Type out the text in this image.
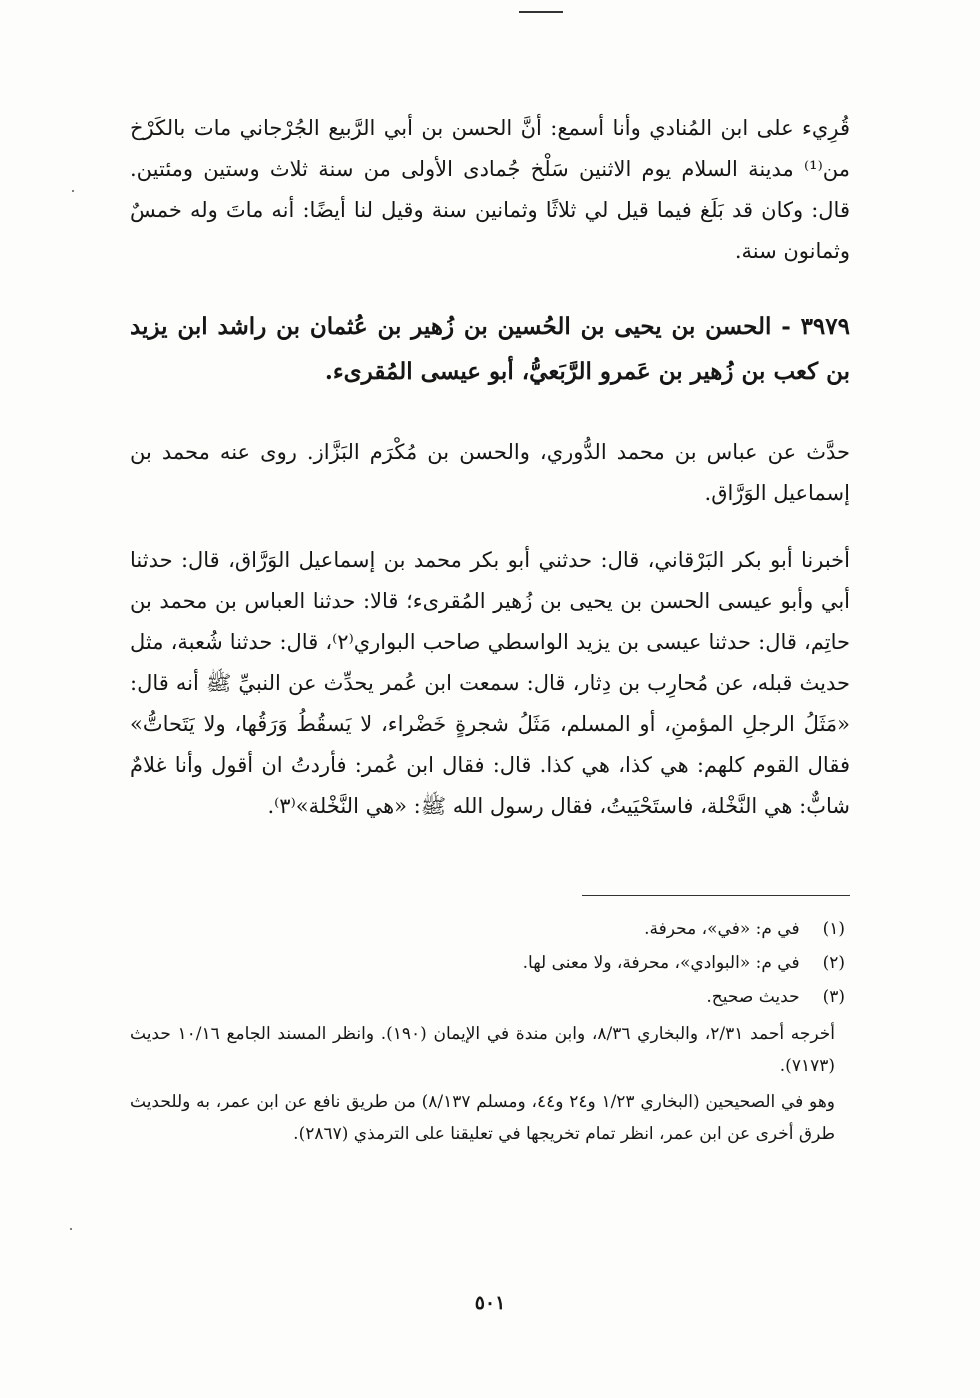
قُرِيء على ابن المُنادي وأنا أسمع: أنَّ الحسن بن أبي الرَّبيع الجُرْجاني مات بالكَرْخ من⁽¹⁾ مدينة السلام يوم الاثنين سَلْخ جُمادى الأولى من سنة ثلاث وستين ومئتين. قال: وكان قد بَلَغ فيما قيل لي ثلاثًا وثمانين سنة وقيل لنا أيضًا: أنه ماتَ وله خمسٌ وثمانون سنة.

٣٩٧٩ - الحسن بن يحيى بن الحُسين بن زُهير بن عُثمان بن راشد ابن يزيد بن كعب بن زُهير بن عَمرو الرَّبَعيُّ، أبو عيسى المُقرىء.

حدَّث عن عباس بن محمد الدُّوري، والحسن بن مُكْرَم البَزَّاز. روى عنه محمد بن إسماعيل الوَرَّاق.

أخبرنا أبو بكر البَرْقاني، قال: حدثني أبو بكر محمد بن إسماعيل الوَرَّاق، قال: حدثنا أبي وأبو عيسى الحسن بن يحيى بن زُهير المُقرىء؛ قالا: حدثنا العباس بن محمد بن حاتِم، قال: حدثنا عيسى بن يزيد الواسطي صاحب البواري⁽٢⁾، قال: حدثنا شُعبة، مثل حديث قبله، عن مُحارِب بن دِثار، قال: سمعت ابن عُمر يحدِّث عن النبيِّ ﷺ أنه قال: «مَثَلُ الرجلِ المؤمنِ، أو المسلم، مَثَلُ شجرةٍ خَضْراء، لا يَسقُطُ وَرَقُها، ولا يَتَحاتُّ» فقال القوم كلهم: هي كذا، هي كذا. قال: فقال ابن عُمر: فأردتُ ان أقول وأنا غلامٌ شابٌّ: هي النَّخْلة، فاستَحْيَيتُ، فقال رسول الله ﷺ: «هي النَّخْلة»⁽٣⁾.

(١) في م: «في»، محرفة.

(٢) في م: «البوادي»، محرفة، ولا معنى لها.

(٣) حديث صحيح.

أخرجه أحمد ٢/٣١، والبخاري ٨/٣٦، وابن مندة في الإيمان (١٩٠). وانظر المسند الجامع ١٠/١٦ حديث (٧١٧٣).

وهو في الصحيحين (البخاري ١/٢٣ و٢٤ و٤٤، ومسلم ٨/١٣٧) من طريق نافع عن ابن عمر، به وللحديث طرق أخرى عن ابن عمر، انظر تمام تخريجها في تعليقنا على الترمذي (٢٨٦٧).

٥٠١
